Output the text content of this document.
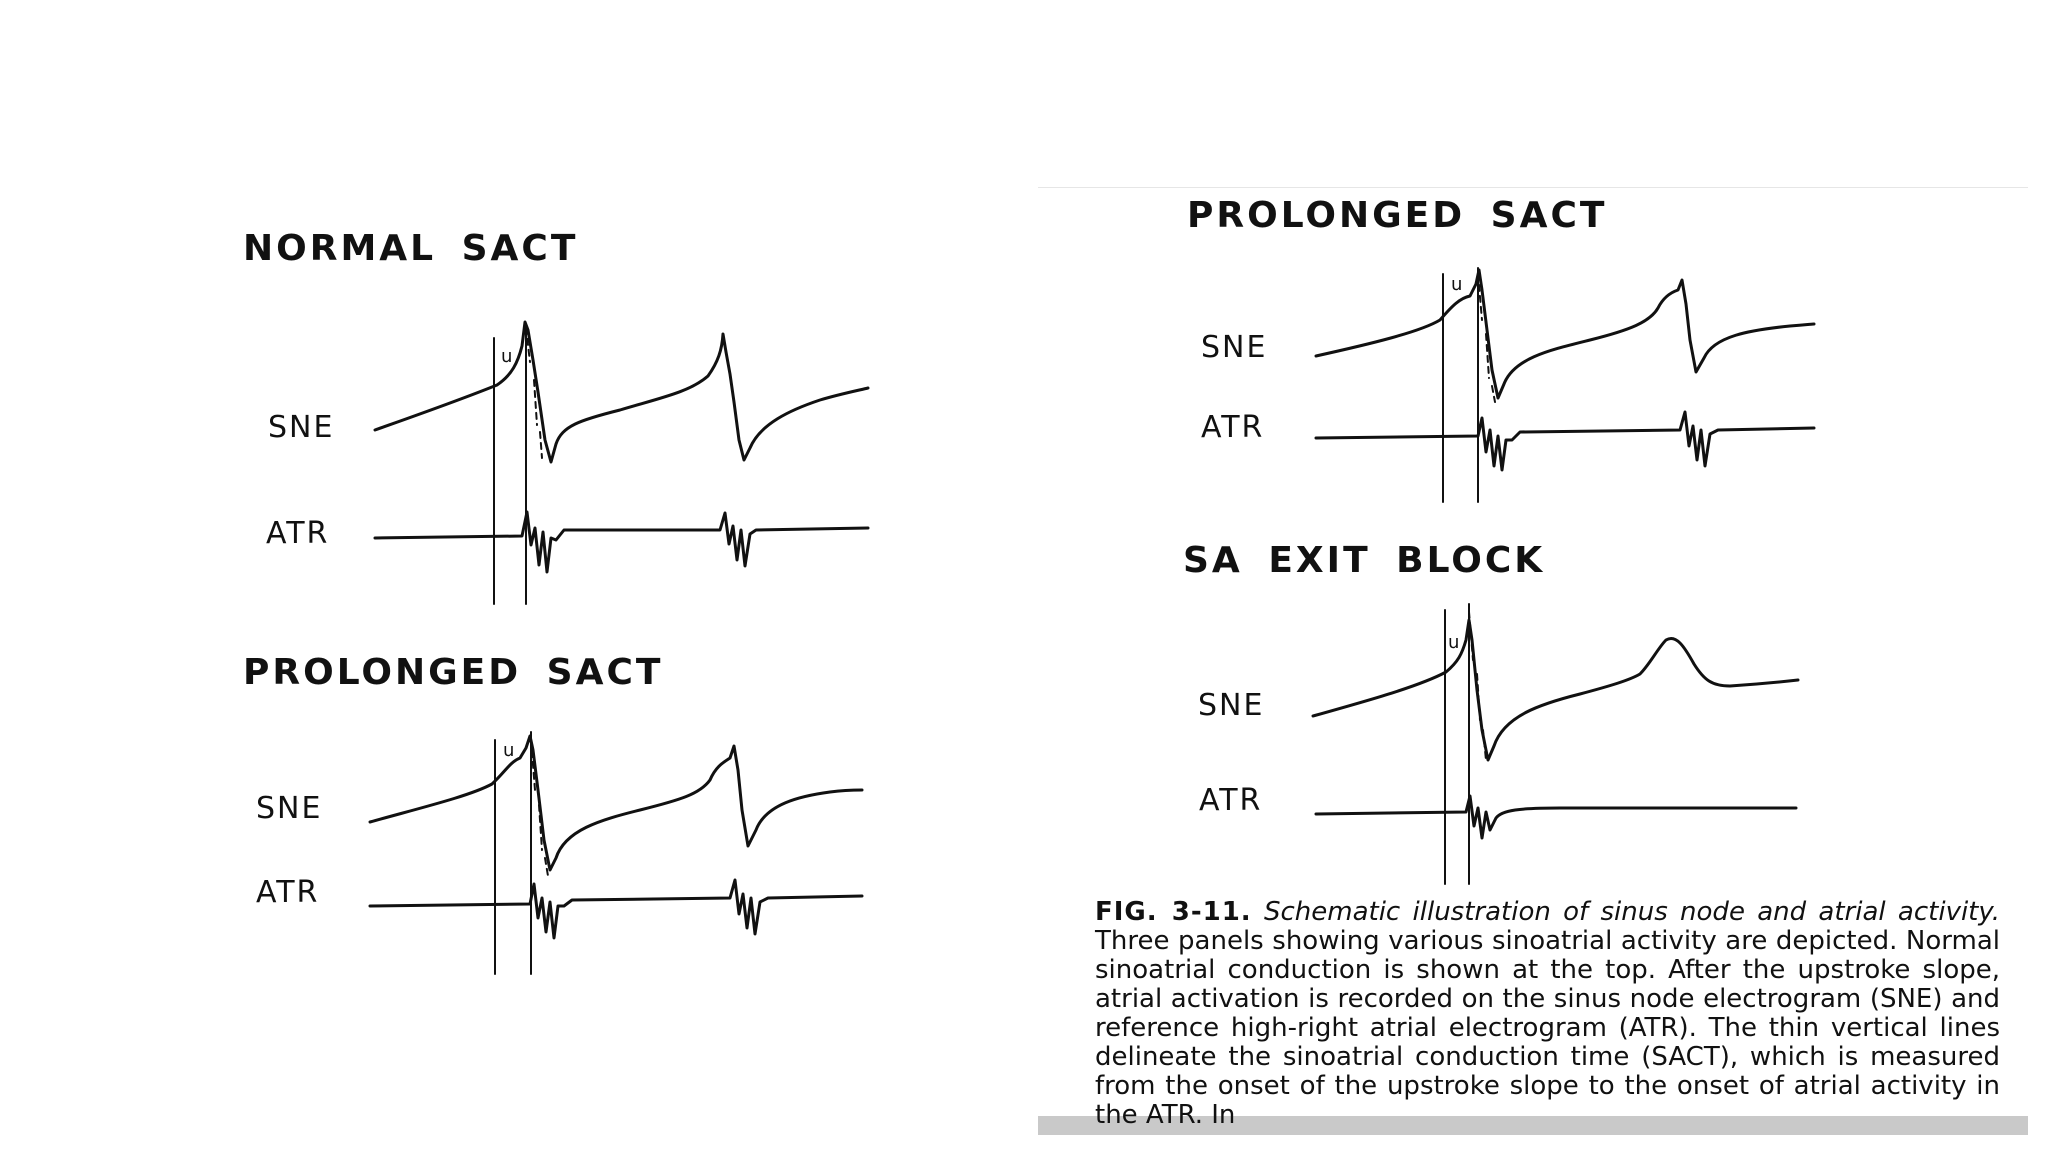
NORMAL SACT
PROLONGED SACT
PROLONGED SACT
SA EXIT BLOCK
SNE
ATR
SNE
ATR
SNE
ATR
SNE
ATR
u
u
u
u
FIG. 3-11. Schematic illustration of sinus node and atrial activity. Three panels showing various sinoatrial activity are depicted. Normal sinoatrial conduction is shown at the top. After the upstroke slope, atrial activation is recorded on the sinus node electrogram (SNE) and reference high-right atrial electrogram (ATR). The thin vertical lines delineate the sinoatrial conduction time (SACT), which is measured from the onset of the upstroke slope to the onset of atrial activity in the ATR. In
